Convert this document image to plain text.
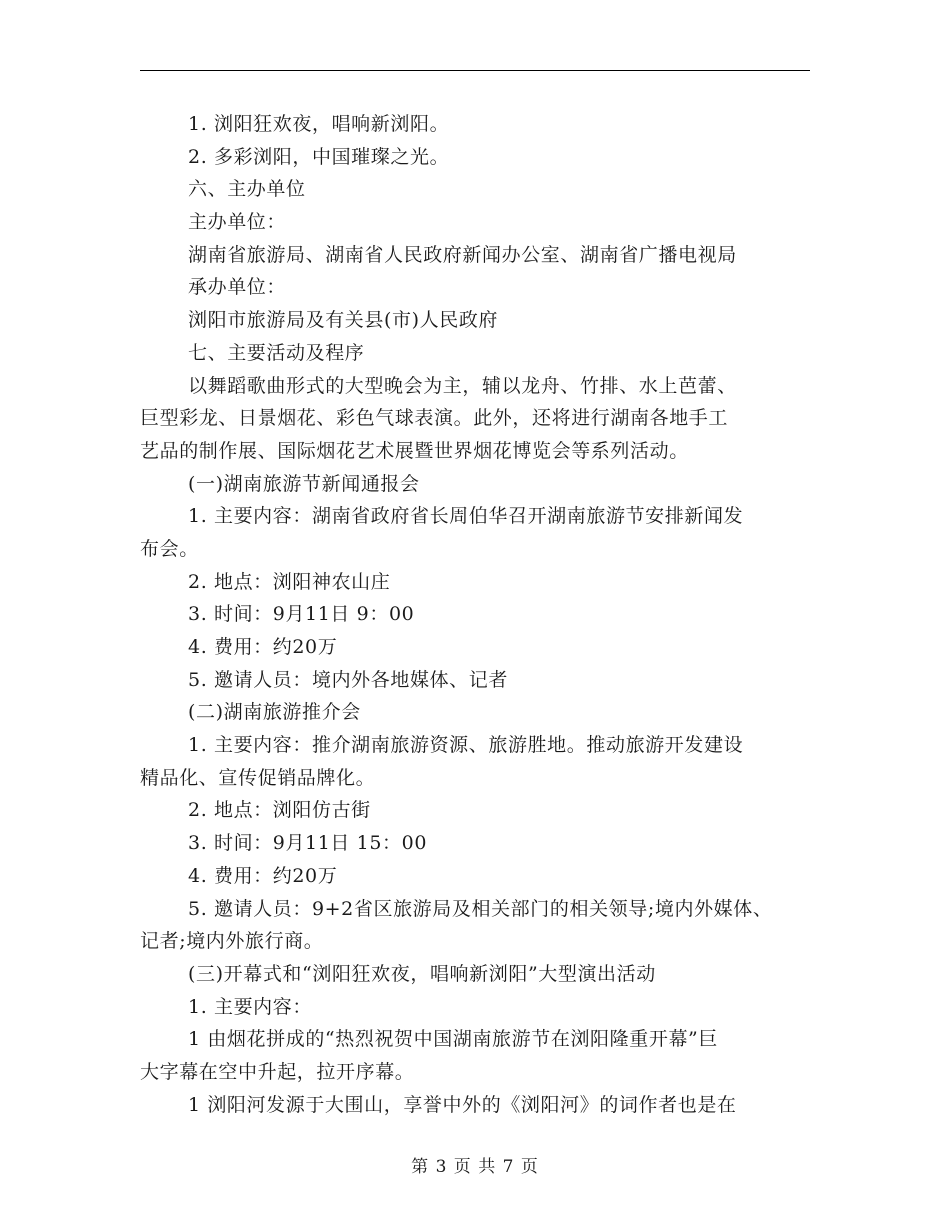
1. 浏阳狂欢夜，唱响新浏阳。
2. 多彩浏阳，中国璀璨之光。
六、主办单位
主办单位：
湖南省旅游局、湖南省人民政府新闻办公室、湖南省广播电视局
承办单位：
浏阳市旅游局及有关县(市)人民政府
七、主要活动及程序
以舞蹈歌曲形式的大型晚会为主，辅以龙舟、竹排、水上芭蕾、
巨型彩龙、日景烟花、彩色气球表演。此外，还将进行湖南各地手工
艺品的制作展、国际烟花艺术展暨世界烟花博览会等系列活动。
(一)湖南旅游节新闻通报会
1. 主要内容：湖南省政府省长周伯华召开湖南旅游节安排新闻发
布会。
2. 地点：浏阳神农山庄
3. 时间：9月11日 9：00
4. 费用：约20万
5. 邀请人员：境内外各地媒体、记者
(二)湖南旅游推介会
1. 主要内容：推介湖南旅游资源、旅游胜地。推动旅游开发建设
精品化、宣传促销品牌化。
2. 地点：浏阳仿古街
3. 时间：9月11日 15：00
4. 费用：约20万
5. 邀请人员：9+2省区旅游局及相关部门的相关领导;境内外媒体、
记者;境内外旅行商。
(三)开幕式和“浏阳狂欢夜，唱响新浏阳”大型演出活动
1. 主要内容：
1 由烟花拼成的“热烈祝贺中国湖南旅游节在浏阳隆重开幕”巨
大字幕在空中升起，拉开序幕。
1 浏阳河发源于大围山，享誉中外的《浏阳河》的词作者也是在
第 3 页 共 7 页
